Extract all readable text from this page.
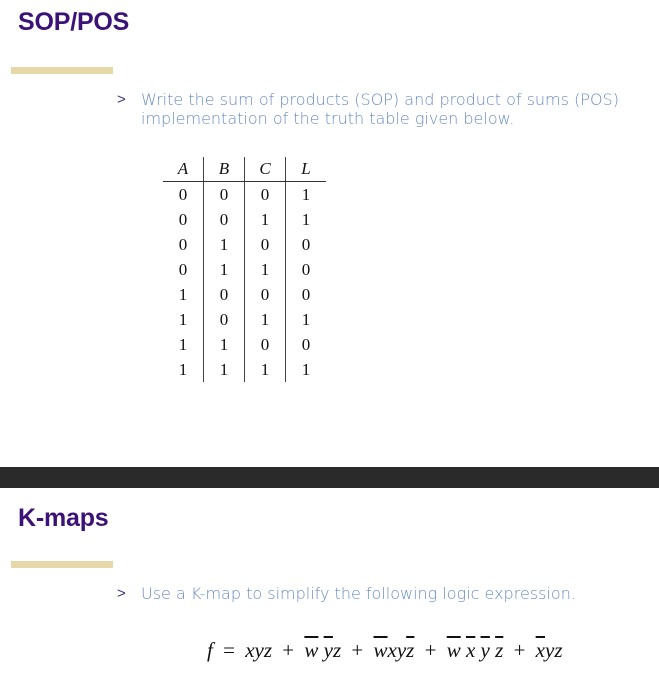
SOP/POS
> Write the sum of products (SOP) and product of sums (POS) implementation of the truth table given below.
A	B	C	L
0	0	0	1
0	0	1	1
0	1	0	0
0	1	1	0
1	0	0	0
1	0	1	1
1	1	0	0
1	1	1	1
K-maps
> Use a K-map to simplify the following logic expression.
f = xyz + $\overline{w}$ $\overline{y}z + \overline{w}xy\overline{z} + \overline{w}$ $\overline{x}$ $\overline{y}$ $\overline{z} + \overline{x}yz$
